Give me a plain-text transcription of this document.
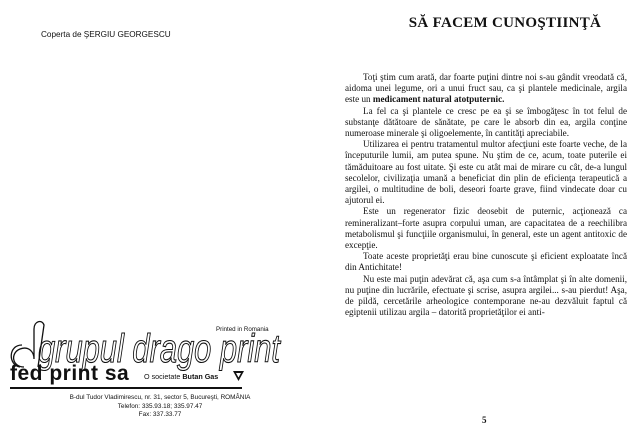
Coperta de ŞERGIU GEORGESCU
Printed in Romania
grupul drago print
fed print sa O societate Butan Gas
B-dul Tudor Vladimirescu, nr. 31, sector 5, Bucureşti, ROMÂNIA
Telefon: 335.93.18; 335.97.47
Fax: 337.33.77
SĂ FACEM CUNOŞTIINŢĂ

Toţi ştim cum arată, dar foarte puţini dintre noi s-au gândit vreodată că, aidoma unei legume, ori a unui fruct sau, ca şi plantele medicinale, argila este un medicament natural atotputernic.

La fel ca şi plantele ce cresc pe ea şi se îmbogăţesc în tot felul de substanţe dătătoare de sănătate, pe care le absorb din ea, argila conţine numeroase minerale şi oligoelemente, în cantităţi apreciabile.

Utilizarea ei pentru tratamentul multor afecţiuni este foarte veche, de la începuturile lumii, am putea spune. Nu ştim de ce, acum, toate puterile ei tămăduitoare au fost uitate. Şi este cu atât mai de mirare cu cât, de-a lungul secolelor, civilizaţia umană a beneficiat din plin de eficienţa terapeutică a argilei, o multitudine de boli, deseori foarte grave, fiind vindecate doar cu ajutorul ei.

Este un regenerator fizic deosebit de puternic, acţionează ca remineralizant–forte asupra corpului uman, are capacitatea de a reechilibra metabolismul şi funcţiile organismului, în general, este un agent antitoxic de excepţie.

Toate aceste proprietăţi erau bine cunoscute şi eficient exploatate încă din Antichitate!

Nu este mai puţin adevărat că, aşa cum s-a întâmplat şi în alte domenii, nu puţine din lucrările, efectuate şi scrise, asupra argilei... s-au pierdut! Aşa, de pildă, cercetările arheologice contemporane ne-au dezvăluit faptul că egiptenii utilizau argila – datorită proprietăţilor ei anti-

5
